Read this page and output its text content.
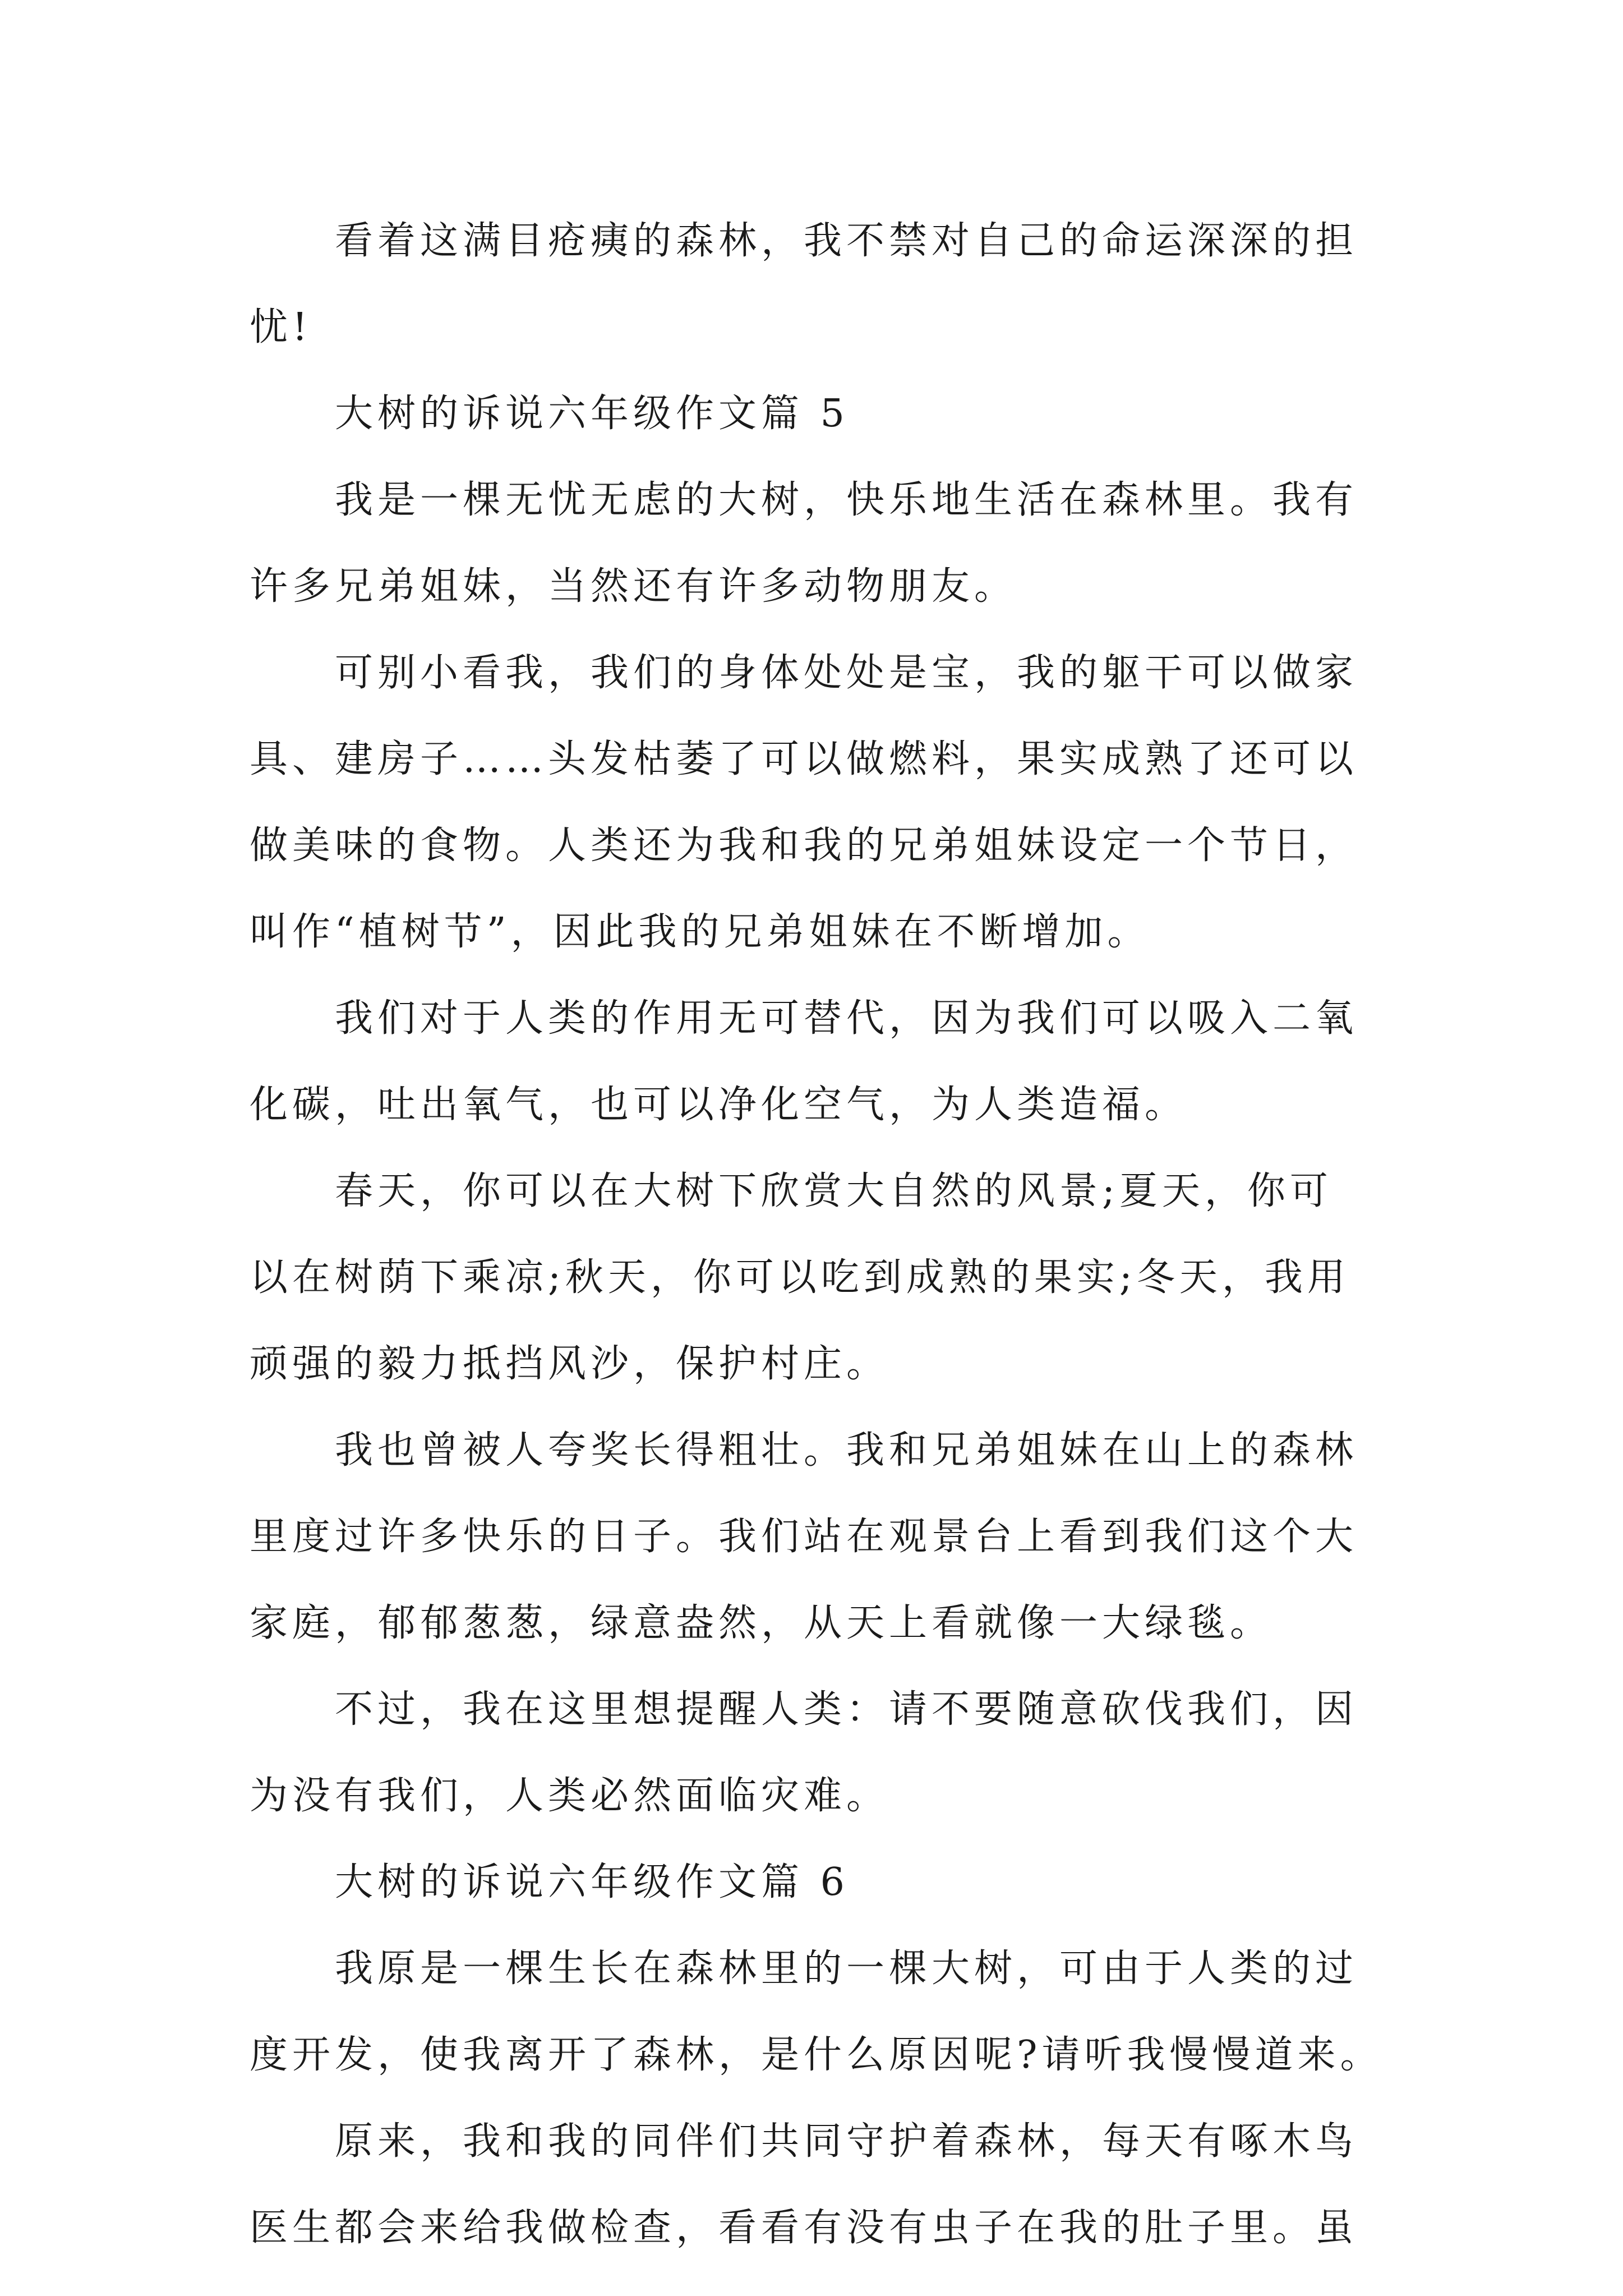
看着这满目疮痍的森林，我不禁对自己的命运深深的担
忧!
大树的诉说六年级作文篇 5
我是一棵无忧无虑的大树，快乐地生活在森林里。我有
许多兄弟姐妹，当然还有许多动物朋友。
可别小看我，我们的身体处处是宝，我的躯干可以做家
具、建房子……头发枯萎了可以做燃料，果实成熟了还可以
做美味的食物。人类还为我和我的兄弟姐妹设定一个节日，
叫作“植树节”，因此我的兄弟姐妹在不断增加。
我们对于人类的作用无可替代，因为我们可以吸入二氧
化碳，吐出氧气，也可以净化空气，为人类造福。
春天，你可以在大树下欣赏大自然的风景;夏天，你可
以在树荫下乘凉;秋天，你可以吃到成熟的果实;冬天，我用
顽强的毅力抵挡风沙，保护村庄。
我也曾被人夸奖长得粗壮。我和兄弟姐妹在山上的森林
里度过许多快乐的日子。我们站在观景台上看到我们这个大
家庭，郁郁葱葱，绿意盎然，从天上看就像一大绿毯。
不过，我在这里想提醒人类：请不要随意砍伐我们，因
为没有我们，人类必然面临灾难。
大树的诉说六年级作文篇 6
我原是一棵生长在森林里的一棵大树，可由于人类的过
度开发，使我离开了森林，是什么原因呢?请听我慢慢道来。
原来，我和我的同伴们共同守护着森林，每天有啄木鸟
医生都会来给我做检查，看看有没有虫子在我的肚子里。虽
